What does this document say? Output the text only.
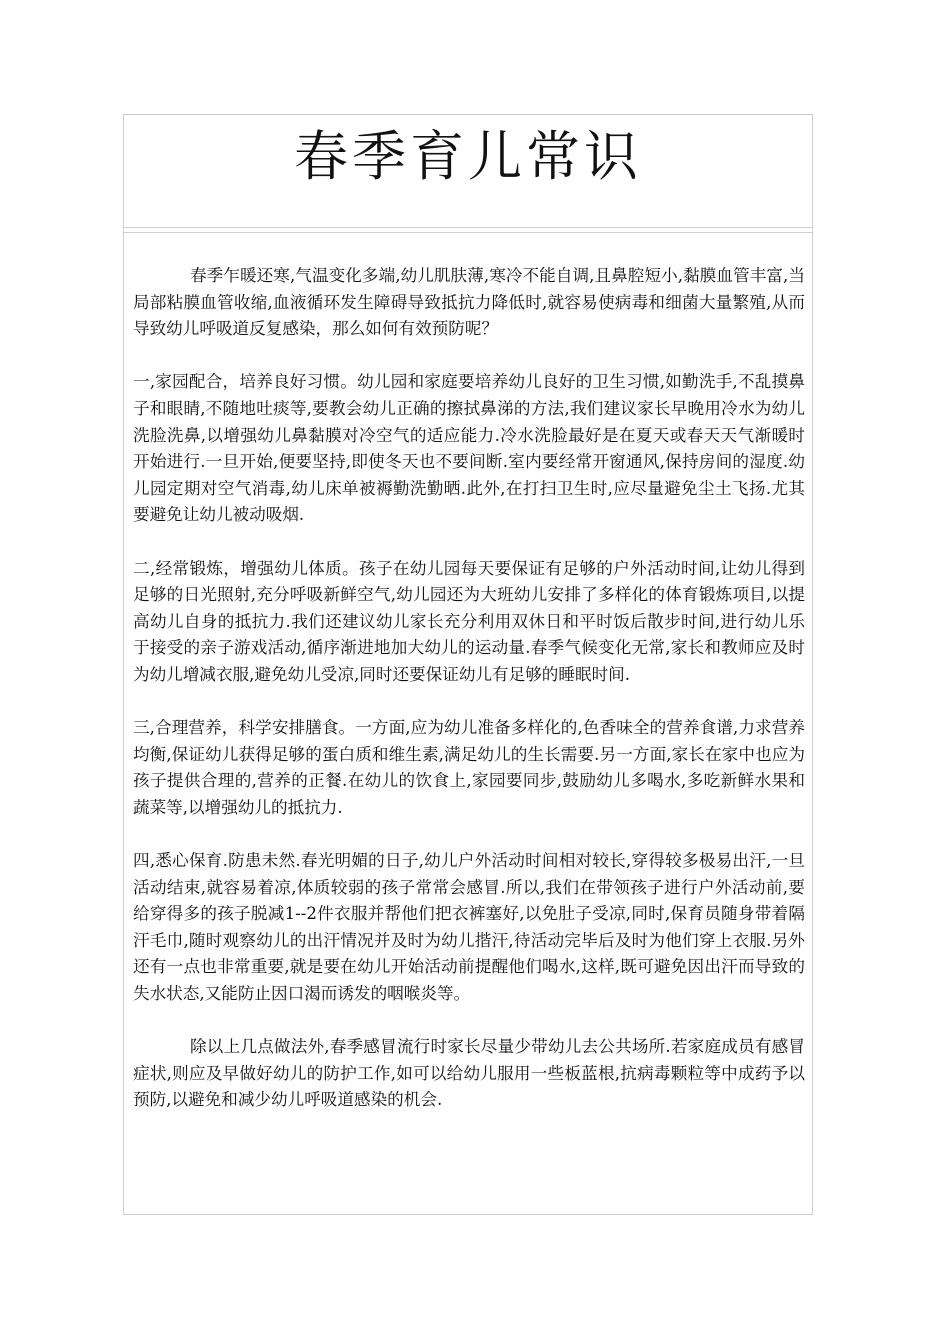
春季育儿常识

春季乍暖还寒,气温变化多端,幼儿肌肤薄,寒冷不能自调,且鼻腔短小,黏膜血管丰富,当局部粘膜血管收缩,血液循环发生障碍导致抵抗力降低时,就容易使病毒和细菌大量繁殖,从而导致幼儿呼吸道反复感染，那么如何有效预防呢？

一,家园配合，培养良好习惯。幼儿园和家庭要培养幼儿良好的卫生习惯,如勤洗手,不乱摸鼻子和眼睛,不随地吐痰等,要教会幼儿正确的擦拭鼻涕的方法,我们建议家长早晚用冷水为幼儿洗脸洗鼻,以增强幼儿鼻黏膜对冷空气的适应能力.冷水洗脸最好是在夏天或春天天气渐暖时开始进行.一旦开始,便要坚持,即使冬天也不要间断.室内要经常开窗通风,保持房间的湿度.幼儿园定期对空气消毒,幼儿床单被褥勤洗勤晒.此外,在打扫卫生时,应尽量避免尘土飞扬.尤其要避免让幼儿被动吸烟.

二,经常锻炼，增强幼儿体质。孩子在幼儿园每天要保证有足够的户外活动时间,让幼儿得到足够的日光照射,充分呼吸新鲜空气,幼儿园还为大班幼儿安排了多样化的体育锻炼项目,以提高幼儿自身的抵抗力.我们还建议幼儿家长充分利用双休日和平时饭后散步时间,进行幼儿乐于接受的亲子游戏活动,循序渐进地加大幼儿的运动量.春季气候变化无常,家长和教师应及时为幼儿增减衣服,避免幼儿受凉,同时还要保证幼儿有足够的睡眠时间.

三,合理营养，科学安排膳食。一方面,应为幼儿准备多样化的,色香味全的营养食谱,力求营养均衡,保证幼儿获得足够的蛋白质和维生素,满足幼儿的生长需要.另一方面,家长在家中也应为孩子提供合理的,营养的正餐.在幼儿的饮食上,家园要同步,鼓励幼儿多喝水,多吃新鲜水果和蔬菜等,以增强幼儿的抵抗力.

四,悉心保育.防患未然.春光明媚的日子,幼儿户外活动时间相对较长,穿得较多极易出汗,一旦活动结束,就容易着凉,体质较弱的孩子常常会感冒.所以,我们在带领孩子进行户外活动前,要给穿得多的孩子脱减1--2件衣服并帮他们把衣裤塞好,以免肚子受凉,同时,保育员随身带着隔汗毛巾,随时观察幼儿的出汗情况并及时为幼儿揩汗,待活动完毕后及时为他们穿上衣服.另外还有一点也非常重要,就是要在幼儿开始活动前提醒他们喝水,这样,既可避免因出汗而导致的失水状态,又能防止因口渴而诱发的咽喉炎等。

除以上几点做法外,春季感冒流行时家长尽量少带幼儿去公共场所.若家庭成员有感冒症状,则应及早做好幼儿的防护工作,如可以给幼儿服用一些板蓝根,抗病毒颗粒等中成药予以预防,以避免和减少幼儿呼吸道感染的机会.
